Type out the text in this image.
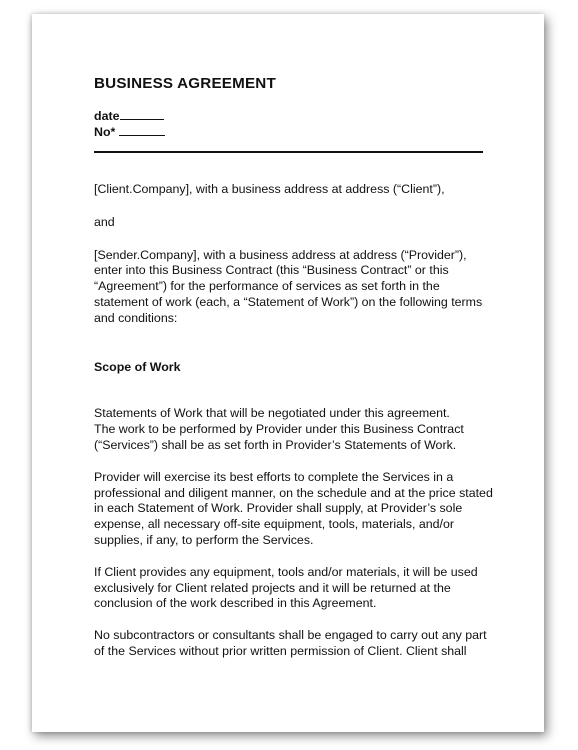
BUSINESS AGREEMENT
date
No*

[Client.Company], with a business address at address (“Client”),

and

[Sender.Company], with a business address at address (“Provider”),
enter into this Business Contract (this “Business Contract” or this
“Agreement”) for the performance of services as set forth in the
statement of work (each, a “Statement of Work”) on the following terms
and conditions:

Scope of Work

Statements of Work that will be negotiated under this agreement.
The work to be performed by Provider under this Business Contract
(“Services”) shall be as set forth in Provider’s Statements of Work.

Provider will exercise its best efforts to complete the Services in a
professional and diligent manner, on the schedule and at the price stated
in each Statement of Work. Provider shall supply, at Provider’s sole
expense, all necessary off-site equipment, tools, materials, and/or
supplies, if any, to perform the Services.

If Client provides any equipment, tools and/or materials, it will be used
exclusively for Client related projects and it will be returned at the
conclusion of the work described in this Agreement.

No subcontractors or consultants shall be engaged to carry out any part
of the Services without prior written permission of Client. Client shall
